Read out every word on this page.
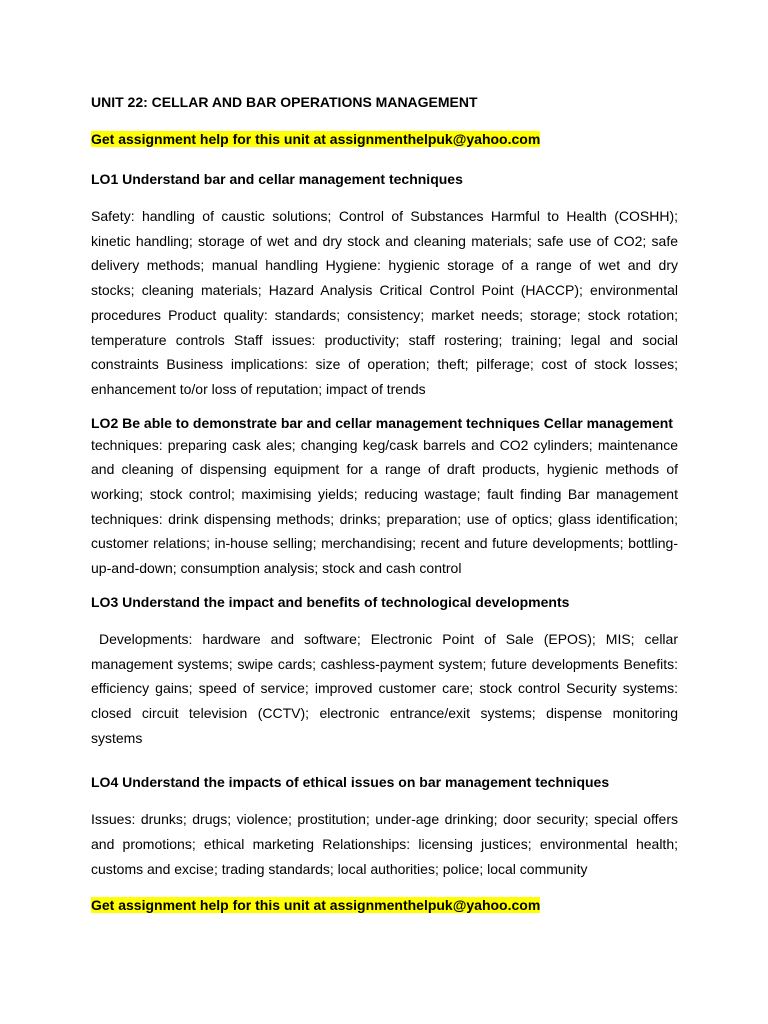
UNIT 22: CELLAR AND BAR OPERATIONS MANAGEMENT

Get assignment help for this unit at assignmenthelpuk@yahoo.com

LO1 Understand bar and cellar management techniques

Safety: handling of caustic solutions; Control of Substances Harmful to Health (COSHH); kinetic handling; storage of wet and dry stock and cleaning materials; safe use of CO2; safe delivery methods; manual handling Hygiene: hygienic storage of a range of wet and dry stocks; cleaning materials; Hazard Analysis Critical Control Point (HACCP); environmental procedures Product quality: standards; consistency; market needs; storage; stock rotation; temperature controls Staff issues: productivity; staff rostering; training; legal and social constraints Business implications: size of operation; theft; pilferage; cost of stock losses; enhancement to/or loss of reputation; impact of trends

LO2 Be able to demonstrate bar and cellar management techniques Cellar management

techniques: preparing cask ales; changing keg/cask barrels and CO2 cylinders; maintenance and cleaning of dispensing equipment for a range of draft products, hygienic methods of working; stock control; maximising yields; reducing wastage; fault finding Bar management techniques: drink dispensing methods; drinks; preparation; use of optics; glass identification; customer relations; in-house selling; merchandising; recent and future developments; bottling-up-and-down; consumption analysis; stock and cash control

LO3 Understand the impact and benefits of technological developments

Developments: hardware and software; Electronic Point of Sale (EPOS); MIS; cellar management systems; swipe cards; cashless-payment system; future developments Benefits: efficiency gains; speed of service; improved customer care; stock control Security systems: closed circuit television (CCTV); electronic entrance/exit systems; dispense monitoring systems

LO4 Understand the impacts of ethical issues on bar management techniques

Issues: drunks; drugs; violence; prostitution; under-age drinking; door security; special offers and promotions; ethical marketing Relationships: licensing justices; environmental health; customs and excise; trading standards; local authorities; police; local community

Get assignment help for this unit at assignmenthelpuk@yahoo.com
